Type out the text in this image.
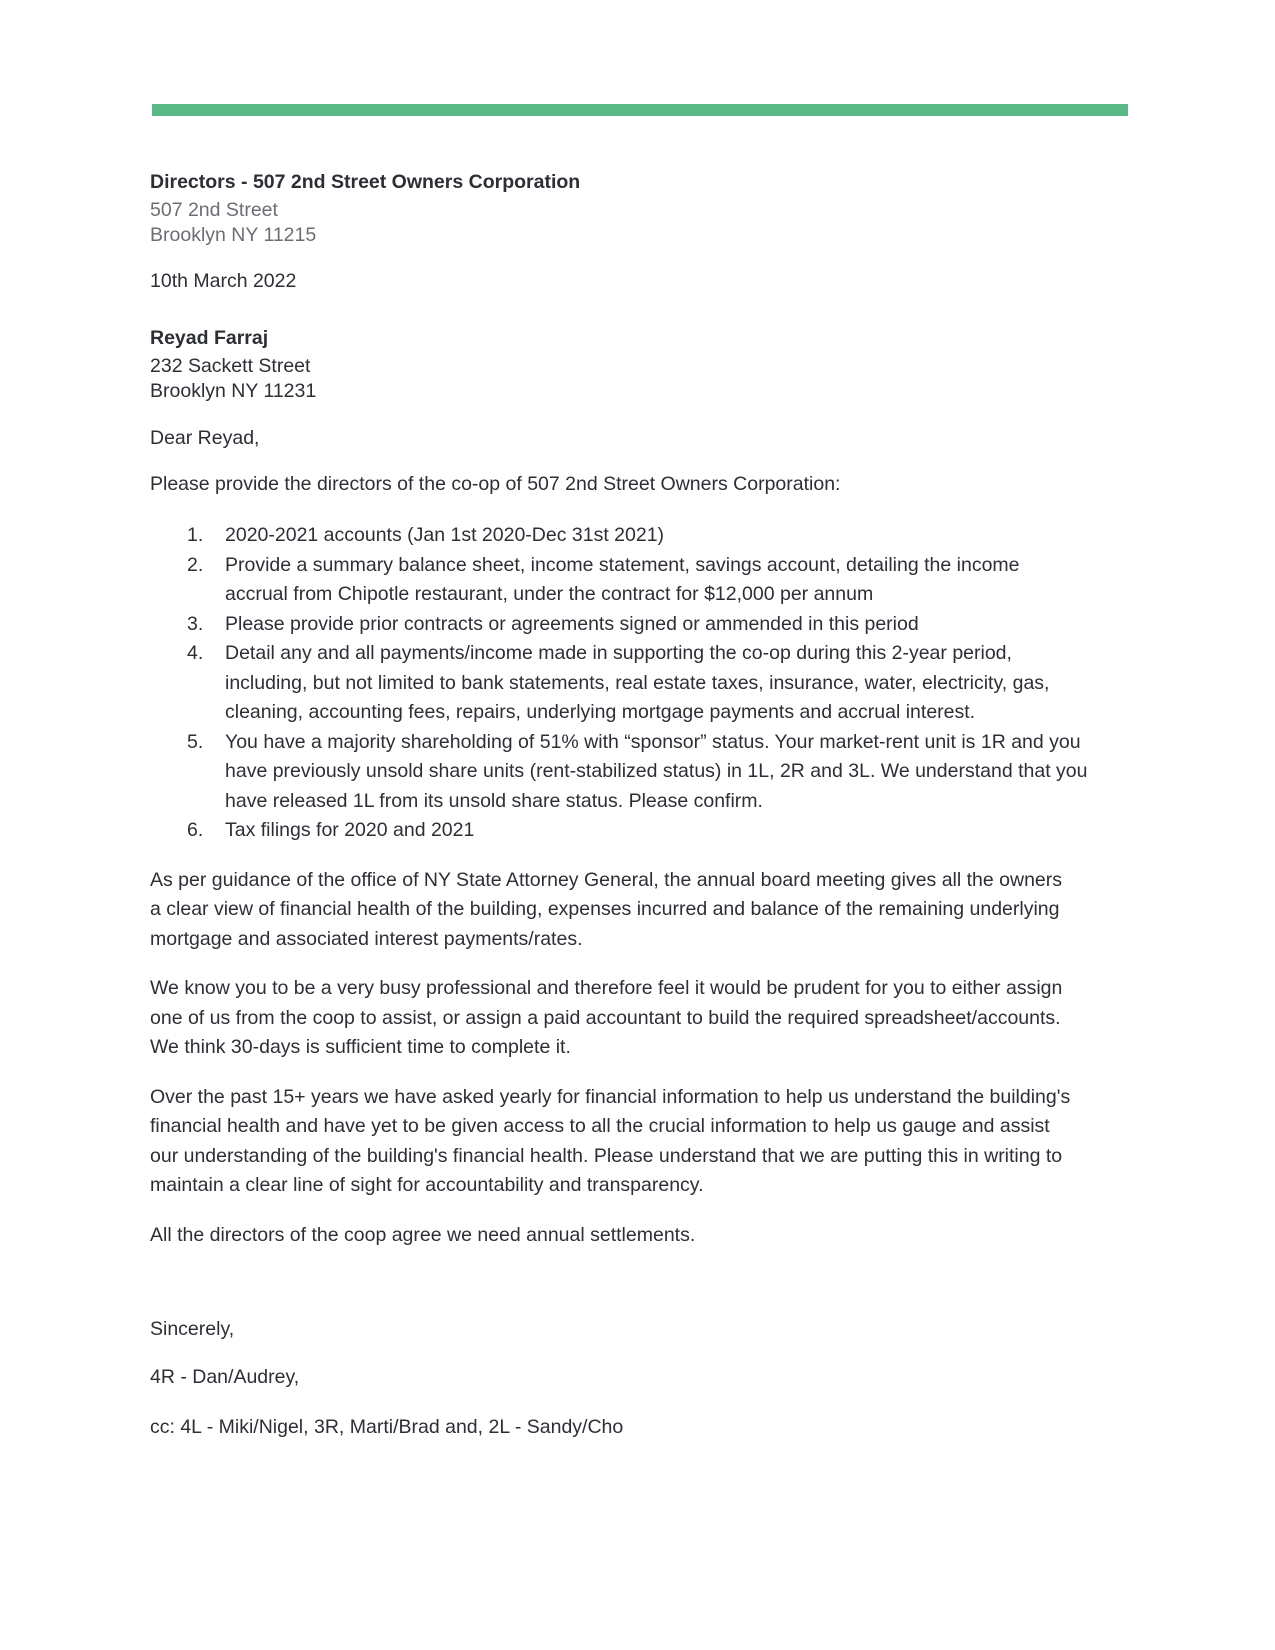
Directors - 507 2nd Street Owners Corporation
507 2nd Street
Brooklyn NY 11215
10th March 2022
Reyad Farraj
232 Sackett Street
Brooklyn NY 11231
Dear Reyad,
Please provide the directors of the co-op of 507 2nd Street Owners Corporation:
1. 2020-2021 accounts (Jan 1st 2020-Dec 31st 2021)
2. Provide a summary balance sheet, income statement, savings account, detailing the income
accrual from Chipotle restaurant, under the contract for $12,000 per annum
3. Please provide prior contracts or agreements signed or ammended in this period
4. Detail any and all payments/income made in supporting the co-op during this 2-year period,
including, but not limited to bank statements, real estate taxes, insurance, water, electricity, gas,
cleaning, accounting fees, repairs, underlying mortgage payments and accrual interest.
5. You have a majority shareholding of 51% with “sponsor” status. Your market-rent unit is 1R and you
have previously unsold share units (rent-stabilized status) in 1L, 2R and 3L. We understand that you
have released 1L from its unsold share status. Please confirm.
6. Tax filings for 2020 and 2021
As per guidance of the office of NY State Attorney General, the annual board meeting gives all the owners
a clear view of financial health of the building, expenses incurred and balance of the remaining underlying
mortgage and associated interest payments/rates.
We know you to be a very busy professional and therefore feel it would be prudent for you to either assign
one of us from the coop to assist, or assign a paid accountant to build the required spreadsheet/accounts.
We think 30-days is sufficient time to complete it.
Over the past 15+ years we have asked yearly for financial information to help us understand the building's
financial health and have yet to be given access to all the crucial information to help us gauge and assist
our understanding of the building's financial health. Please understand that we are putting this in writing to
maintain a clear line of sight for accountability and transparency.
All the directors of the coop agree we need annual settlements.
Sincerely,
4R - Dan/Audrey,
cc: 4L - Miki/Nigel, 3R, Marti/Brad and, 2L - Sandy/Cho
